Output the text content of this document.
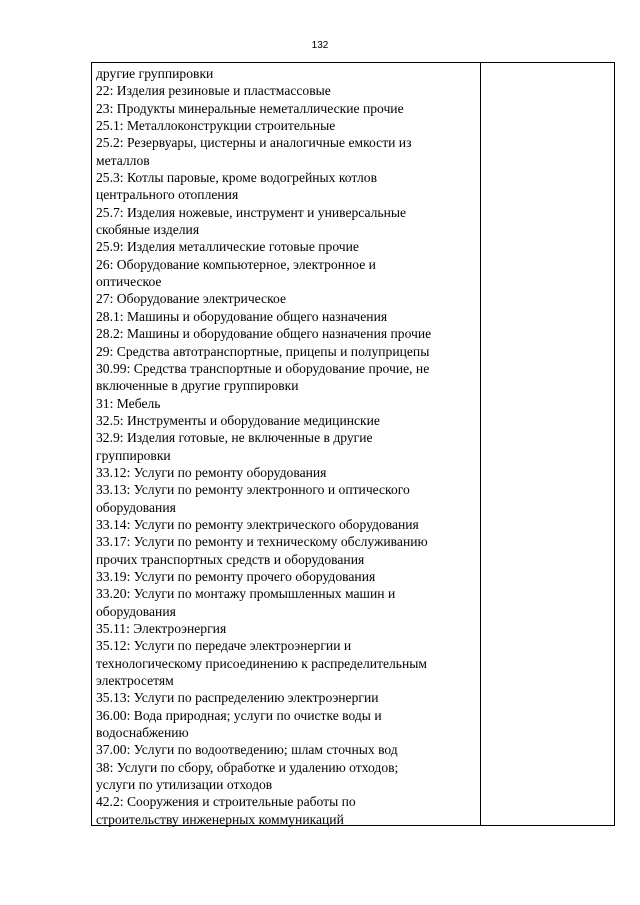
132
другие группировки
22: Изделия резиновые и пластмассовые
23: Продукты минеральные неметаллические прочие
25.1: Металлоконструкции строительные
25.2: Резервуары, цистерны и аналогичные емкости из
металлов
25.3: Котлы паровые, кроме водогрейных котлов
центрального отопления
25.7: Изделия ножевые, инструмент и универсальные
скобяные изделия
25.9: Изделия металлические готовые прочие
26: Оборудование компьютерное, электронное и
оптическое
27: Оборудование электрическое
28.1: Машины и оборудование общего назначения
28.2: Машины и оборудование общего назначения прочие
29: Средства автотранспортные, прицепы и полуприцепы
30.99: Средства транспортные и оборудование прочие, не
включенные в другие группировки
31: Мебель
32.5: Инструменты и оборудование медицинские
32.9: Изделия готовые, не включенные в другие
группировки
33.12: Услуги по ремонту оборудования
33.13: Услуги по ремонту электронного и оптического
оборудования
33.14: Услуги по ремонту электрического оборудования
33.17: Услуги по ремонту и техническому обслуживанию
прочих транспортных средств и оборудования
33.19: Услуги по ремонту прочего оборудования
33.20: Услуги по монтажу промышленных машин и
оборудования
35.11: Электроэнергия
35.12: Услуги по передаче электроэнергии и
технологическому присоединению к распределительным
электросетям
35.13: Услуги по распределению электроэнергии
36.00: Вода природная; услуги по очистке воды и
водоснабжению
37.00: Услуги по водоотведению; шлам сточных вод
38: Услуги по сбору, обработке и удалению отходов;
услуги по утилизации отходов
42.2: Сооружения и строительные работы по
строительству инженерных коммуникаций
